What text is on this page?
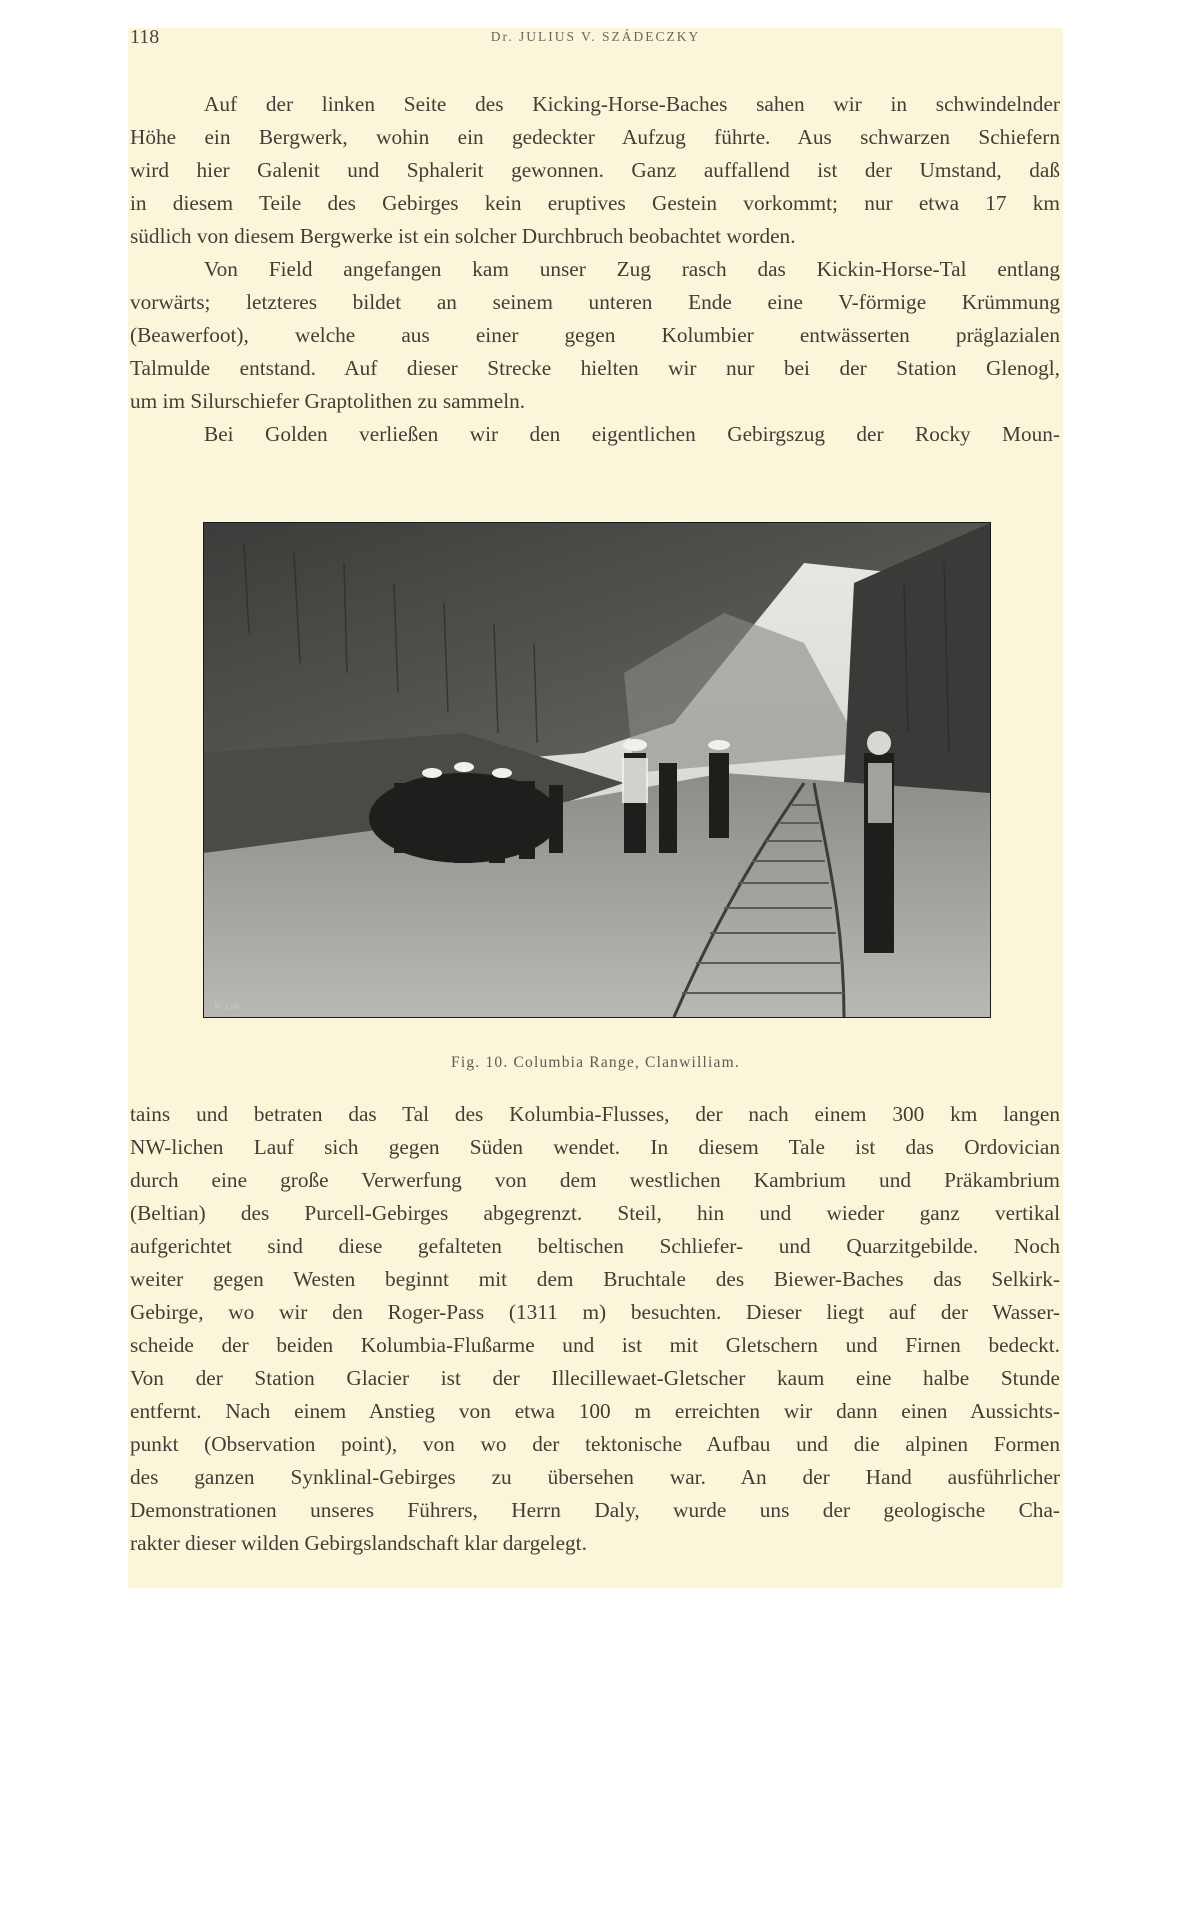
118	Dr. JULIUS V. SZÁDECZKY
Auf der linken Seite des Kicking-Horse-Baches sahen wir in schwindelnder
Höhe ein Bergwerk, wohin ein gedeckter Aufzug führte. Aus schwarzen Schiefern
wird hier Galenit und Sphalerit gewonnen. Ganz auffallend ist der Umstand, daß
in diesem Teile des Gebirges kein eruptives Gestein vorkommt; nur etwa 17 km
südlich von diesem Bergwerke ist ein solcher Durchbruch beobachtet worden.
Von Field angefangen kam unser Zug rasch das Kickin-Horse-Tal entlang
vorwärts; letzteres bildet an seinem unteren Ende eine V-förmige Krümmung
(Beawerfoot), welche aus einer gegen Kolumbier entwässerten präglazialen
Talmulde entstand. Auf dieser Strecke hielten wir nur bei der Station Glenogl,
um im Silurschiefer Graptolithen zu sammeln.
Bei Golden verließen wir den eigentlichen Gebirgszug der Rocky Moun-
W. Lnk
Fig. 10. Columbia Range, Clanwilliam.
tains und betraten das Tal des Kolumbia-Flusses, der nach einem 300 km langen
NW-lichen Lauf sich gegen Süden wendet. In diesem Tale ist das Ordovician
durch eine große Verwerfung von dem westlichen Kambrium und Präkambrium
(Beltian) des Purcell-Gebirges abgegrenzt. Steil, hin und wieder ganz vertikal
aufgerichtet sind diese gefalteten beltischen Schliefer- und Quarzitgebilde. Noch
weiter gegen Westen beginnt mit dem Bruchtale des Biewer-Baches das Selkirk-
Gebirge, wo wir den Roger-Pass (1311 m) besuchten. Dieser liegt auf der Wasser-
scheide der beiden Kolumbia-Flußarme und ist mit Gletschern und Firnen bedeckt.
Von der Station Glacier ist der Illecillewaet-Gletscher kaum eine halbe Stunde
entfernt. Nach einem Anstieg von etwa 100 m erreichten wir dann einen Aussichts-
punkt (Observation point), von wo der tektonische Aufbau und die alpinen Formen
des ganzen Synklinal-Gebirges zu übersehen war. An der Hand ausführlicher
Demonstrationen unseres Führers, Herrn Daly, wurde uns der geologische Cha-
rakter dieser wilden Gebirgslandschaft klar dargelegt.
